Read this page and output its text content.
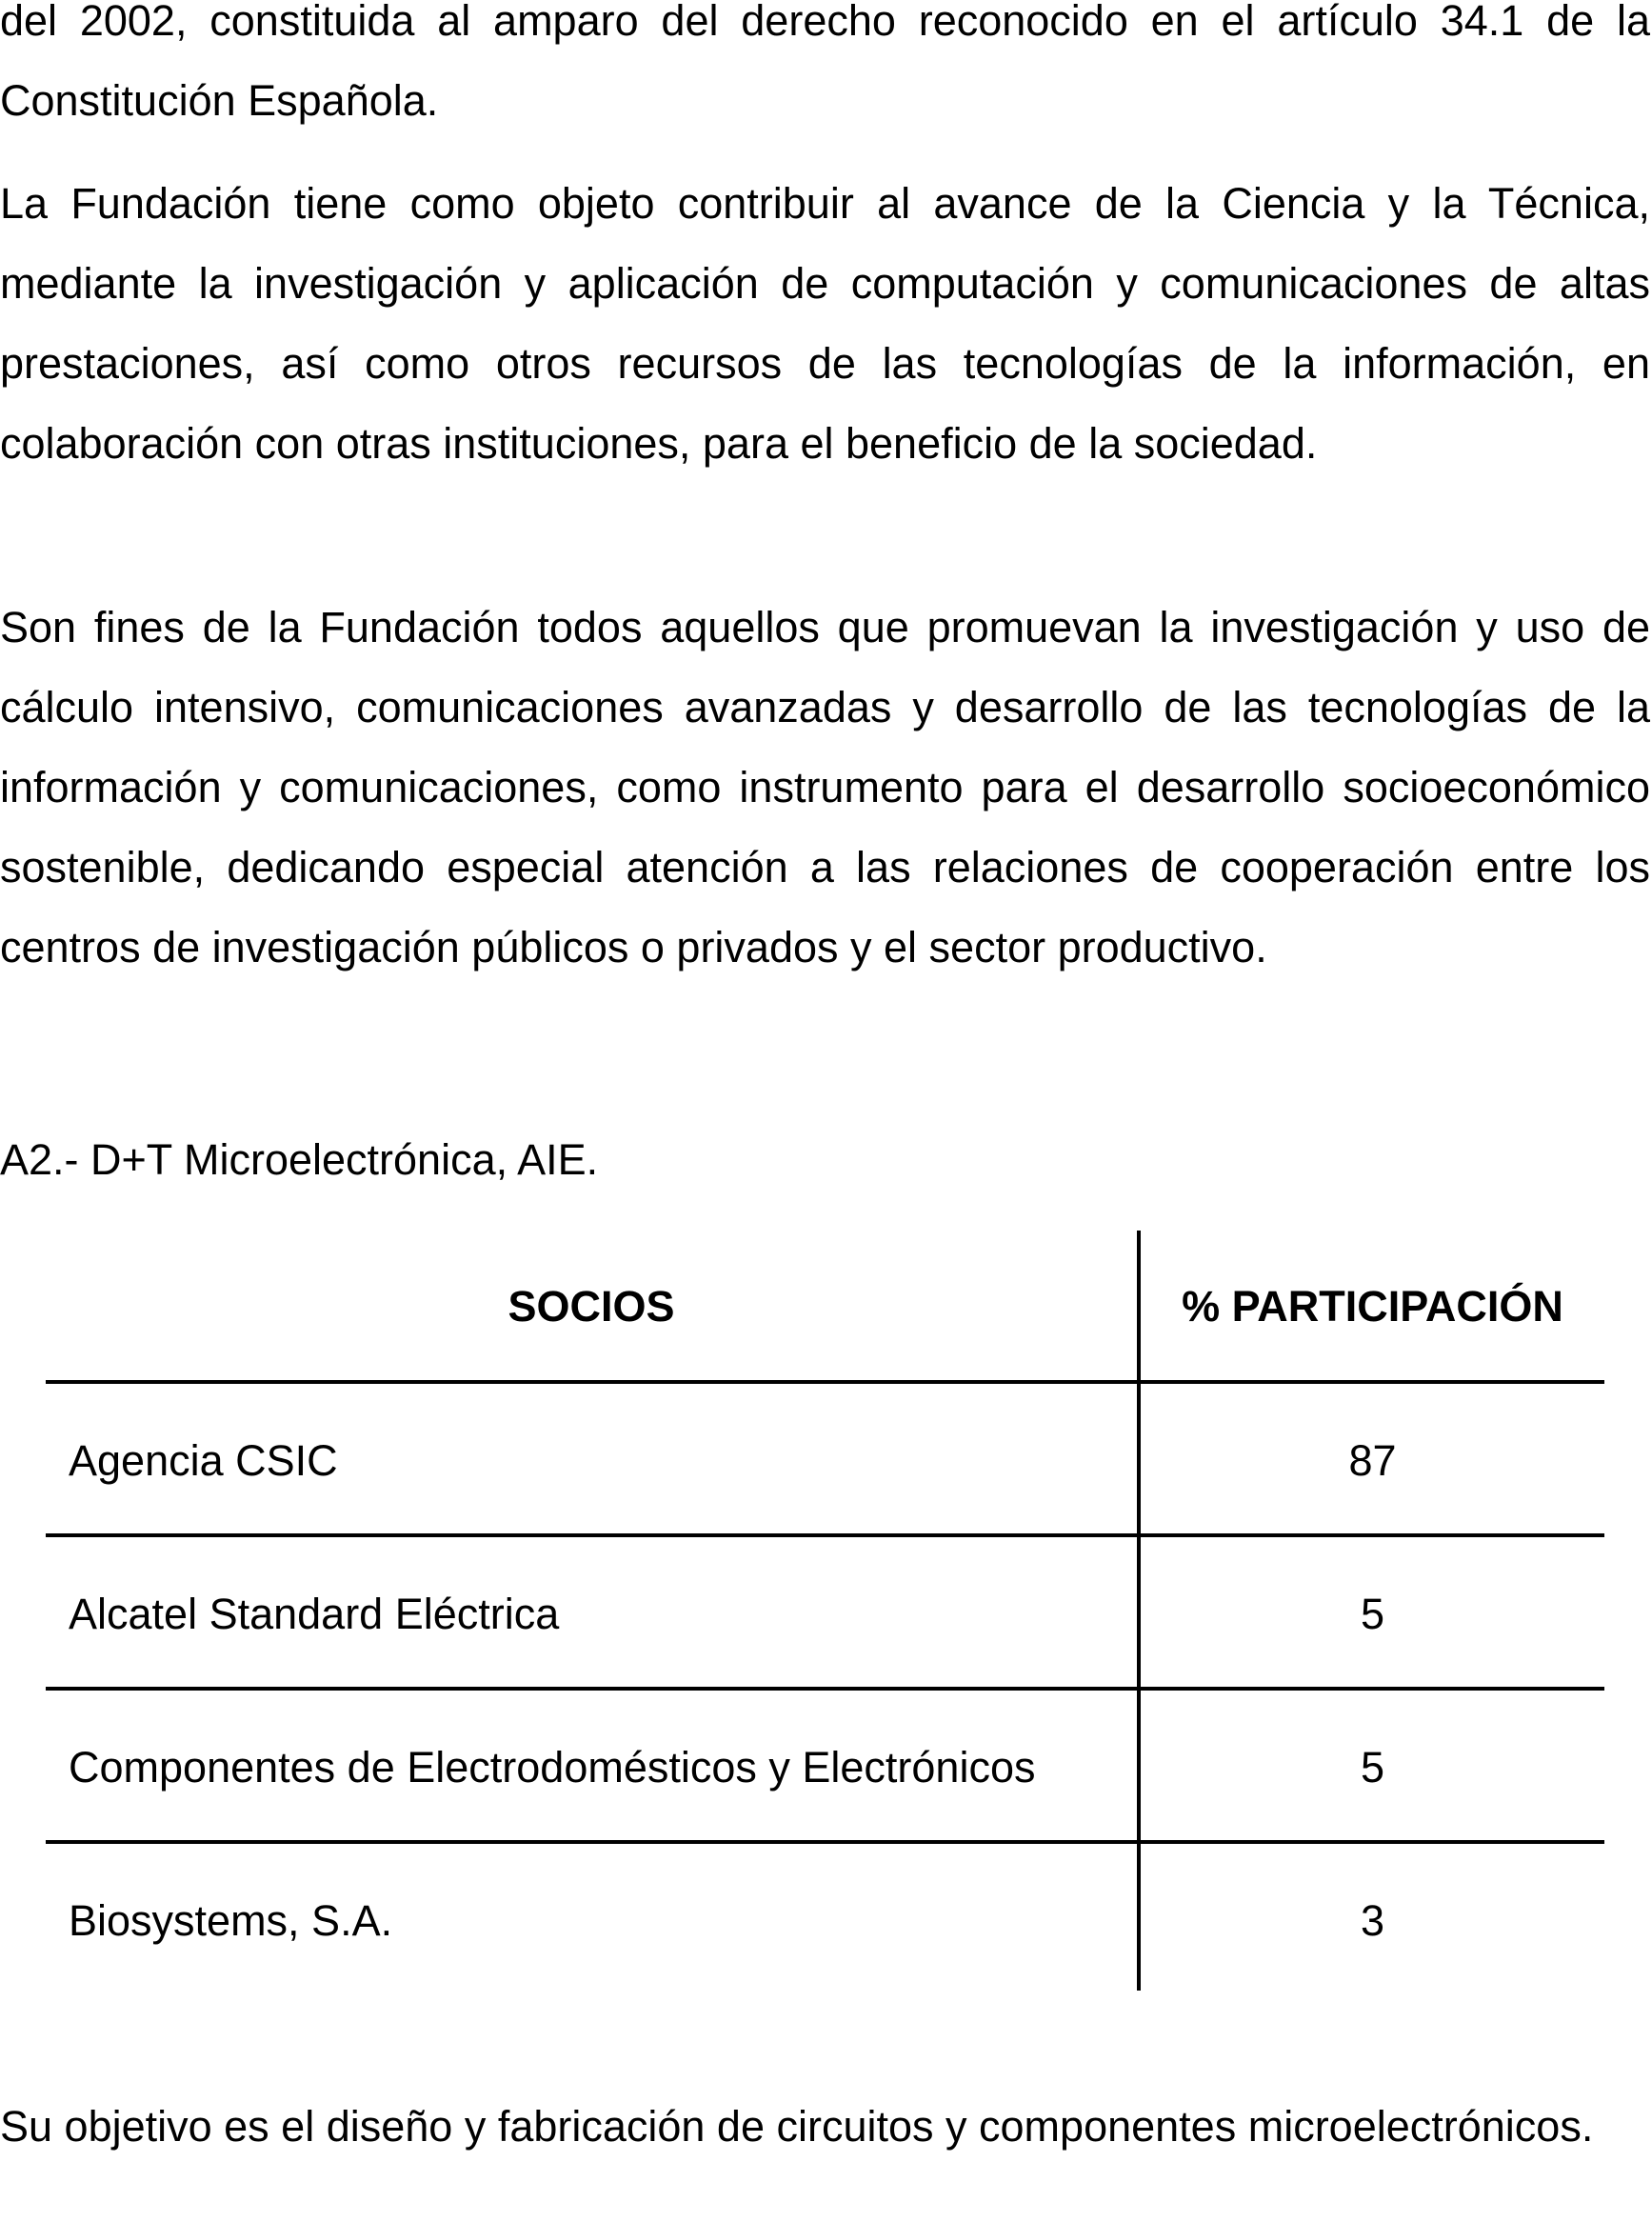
del 2002, constituida al amparo del derecho reconocido en el artículo 34.1 de la Constitución Española.

La Fundación tiene como objeto contribuir al avance de la Ciencia y la Técnica, mediante la investigación y aplicación de computación y comunicaciones de altas prestaciones, así como otros recursos de las tecnologías de la información, en colaboración con otras instituciones, para el beneficio de la sociedad.

Son fines de la Fundación todos aquellos que promuevan la investigación y uso de cálculo intensivo, comunicaciones avanzadas y desarrollo de las tecnologías de la información y comunicaciones, como instrumento para el desarrollo socioeconómico sostenible, dedicando especial atención a las relaciones de cooperación entre los centros de investigación públicos o privados y el sector productivo.

A2.- D+T Microelectrónica, AIE.

SOCIOS	% PARTICIPACIÓN
Agencia CSIC	87
Alcatel Standard Eléctrica	5
Componentes de Electrodomésticos y Electrónicos	5
Biosystems, S.A.	3

Su objetivo es el diseño y fabricación de circuitos y componentes microelectrónicos.
